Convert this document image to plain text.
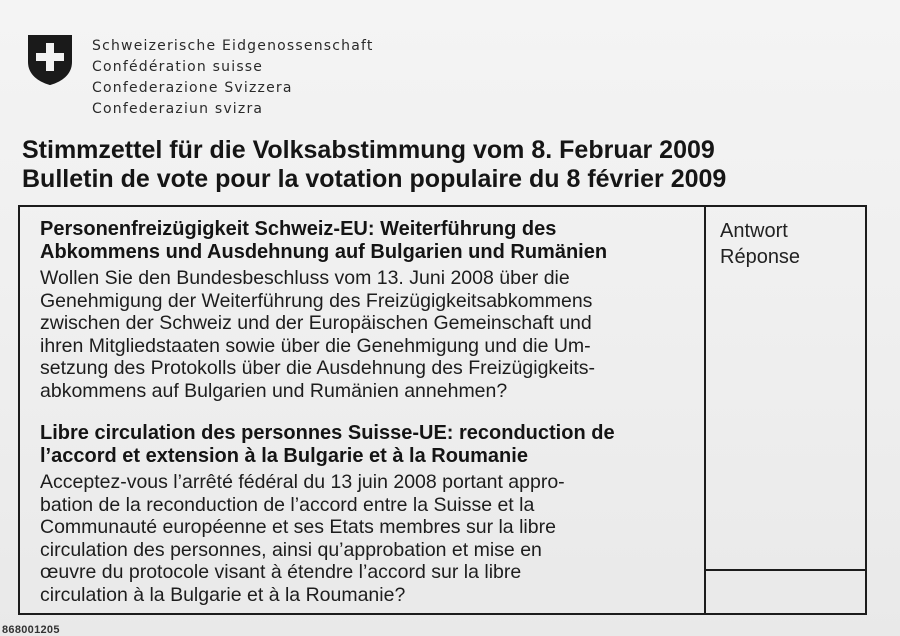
Schweizerische Eidgenossenschaft
Confédération suisse
Confederazione Svizzera
Confederaziun svizra
Stimmzettel für die Volksabstimmung vom 8. Februar 2009
Bulletin de vote pour la votation populaire du 8 février 2009
Antwort
Réponse
Personenfreizügigkeit Schweiz-EU: Weiterführung des
Abkommens und Ausdehnung auf Bulgarien und Rumänien
Wollen Sie den Bundesbeschluss vom 13. Juni 2008 über die
Genehmigung der Weiterführung des Freizügigkeitsabkommens
zwischen der Schweiz und der Europäischen Gemeinschaft und
ihren Mitgliedstaaten sowie über die Genehmigung und die Um-
setzung des Protokolls über die Ausdehnung des Freizügigkeits-
abkommens auf Bulgarien und Rumänien annehmen?
Libre circulation des personnes Suisse-UE: reconduction de
l’accord et extension à la Bulgarie et à la Roumanie
Acceptez-vous l’arrêté fédéral du 13 juin 2008 portant appro-
bation de la reconduction de l’accord entre la Suisse et la
Communauté européenne et ses Etats membres sur la libre
circulation des personnes, ainsi qu’approbation et mise en
œuvre du protocole visant à étendre l’accord sur la libre
circulation à la Bulgarie et à la Roumanie?
868001205
